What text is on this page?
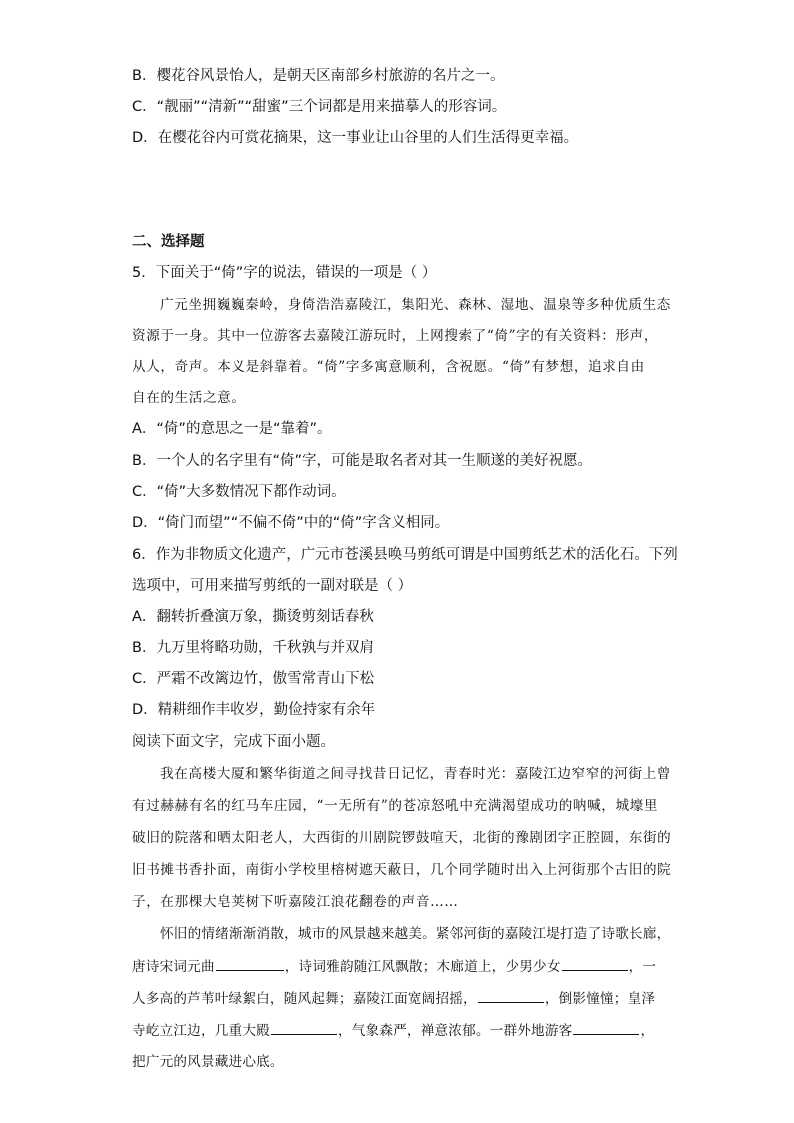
B．樱花谷风景怡人，是朝天区南部乡村旅游的名片之一。
C．“靓丽”“清新”“甜蜜”三个词都是用来描摹人的形容词。
D．在樱花谷内可赏花摘果，这一事业让山谷里的人们生活得更幸福。
二、选择题
5．下面关于“倚”字的说法，错误的一项是（ ）
广元坐拥巍巍秦岭，身倚浩浩嘉陵江，集阳光、森林、湿地、温泉等多种优质生态
资源于一身。其中一位游客去嘉陵江游玩时，上网搜索了“倚”字的有关资料：形声，
从人，奇声。本义是斜靠着。“倚”字多寓意顺利，含祝愿。“倚”有梦想，追求自由
自在的生活之意。
A．“倚”的意思之一是“靠着”。
B．一个人的名字里有“倚”字，可能是取名者对其一生顺遂的美好祝愿。
C．“倚”大多数情况下都作动词。
D．“倚门而望”“不偏不倚”中的“倚”字含义相同。
6．作为非物质文化遗产，广元市苍溪县唤马剪纸可谓是中国剪纸艺术的活化石。下列
选项中，可用来描写剪纸的一副对联是（ ）
A．翻转折叠演万象，撕烫剪刻话春秋
B．九万里将略功勋，千秋孰与并双肩
C．严霜不改篱边竹，傲雪常青山下松
D．精耕细作丰收岁，勤俭持家有余年
阅读下面文字，完成下面小题。
我在高楼大厦和繁华街道之间寻找昔日记忆，青春时光：嘉陵江边窄窄的河街上曾
有过赫赫有名的红马车庄园，“一无所有”的苍凉怒吼中充满渴望成功的呐喊，城壕里
破旧的院落和晒太阳老人，大西街的川剧院锣鼓喧天，北街的豫剧团字正腔圆，东街的
旧书摊书香扑面，南街小学校里榕树遮天蔽日，几个同学随时出入上河街那个古旧的院
子，在那棵大皂荚树下听嘉陵江浪花翻卷的声音……
怀旧的情绪渐渐消散，城市的风景越来越美。紧邻河街的嘉陵江堤打造了诗歌长廊，
唐诗宋词元曲	，诗词雅韵随江风飘散；木廊道上，少男少女	，一
人多高的芦苇叶绿絮白，随风起舞；嘉陵江面宽阔招摇，	，倒影憧憧；皇泽
寺屹立江边，几重大殿	，气象森严，禅意浓郁。一群外地游客	，
把广元的风景藏进心底。
